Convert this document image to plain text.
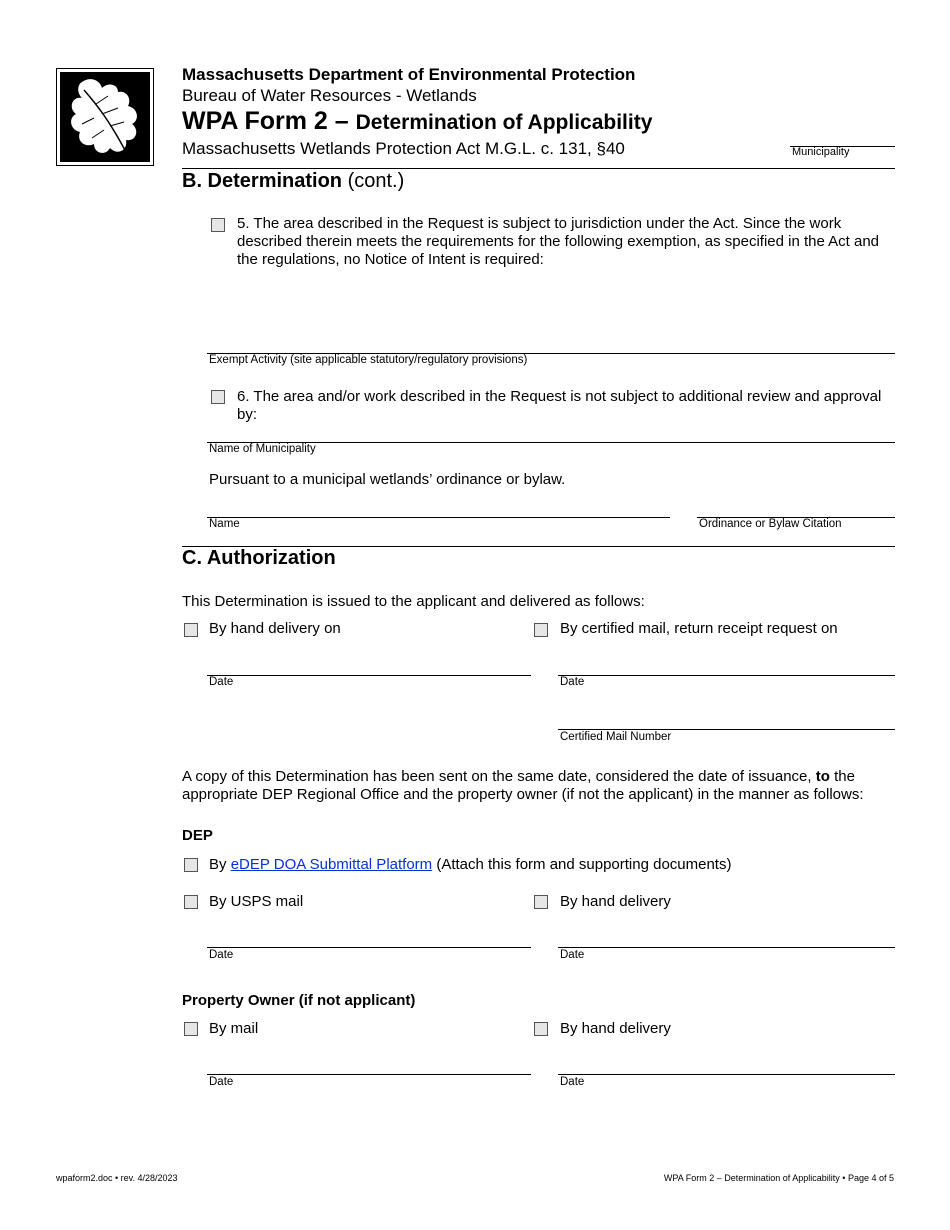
Massachusetts Department of Environmental Protection
Bureau of Water Resources - Wetlands
WPA Form 2 – Determination of Applicability
Massachusetts Wetlands Protection Act M.G.L. c. 131, §40	Municipality
B. Determination (cont.)
5. The area described in the Request is subject to jurisdiction under the Act. Since the work described therein meets the requirements for the following exemption, as specified in the Act and the regulations, no Notice of Intent is required:
Exempt Activity (site applicable statutory/regulatory provisions)
6. The area and/or work described in the Request is not subject to additional review and approval by:
Name of Municipality
Pursuant to a municipal wetlands’ ordinance or bylaw.
Name	Ordinance or Bylaw Citation
C. Authorization
This Determination is issued to the applicant and delivered as follows:
By hand delivery on	By certified mail, return receipt request on
Date	Date
Certified Mail Number
A copy of this Determination has been sent on the same date, considered the date of issuance, to the appropriate DEP Regional Office and the property owner (if not the applicant) in the manner as follows:
DEP
By eDEP DOA Submittal Platform (Attach this form and supporting documents)
By USPS mail	By hand delivery
Date	Date
Property Owner (if not applicant)
By mail	By hand delivery
Date	Date
wpaform2.doc • rev. 4/28/2023	WPA Form 2 – Determination of Applicability • Page 4 of 5
